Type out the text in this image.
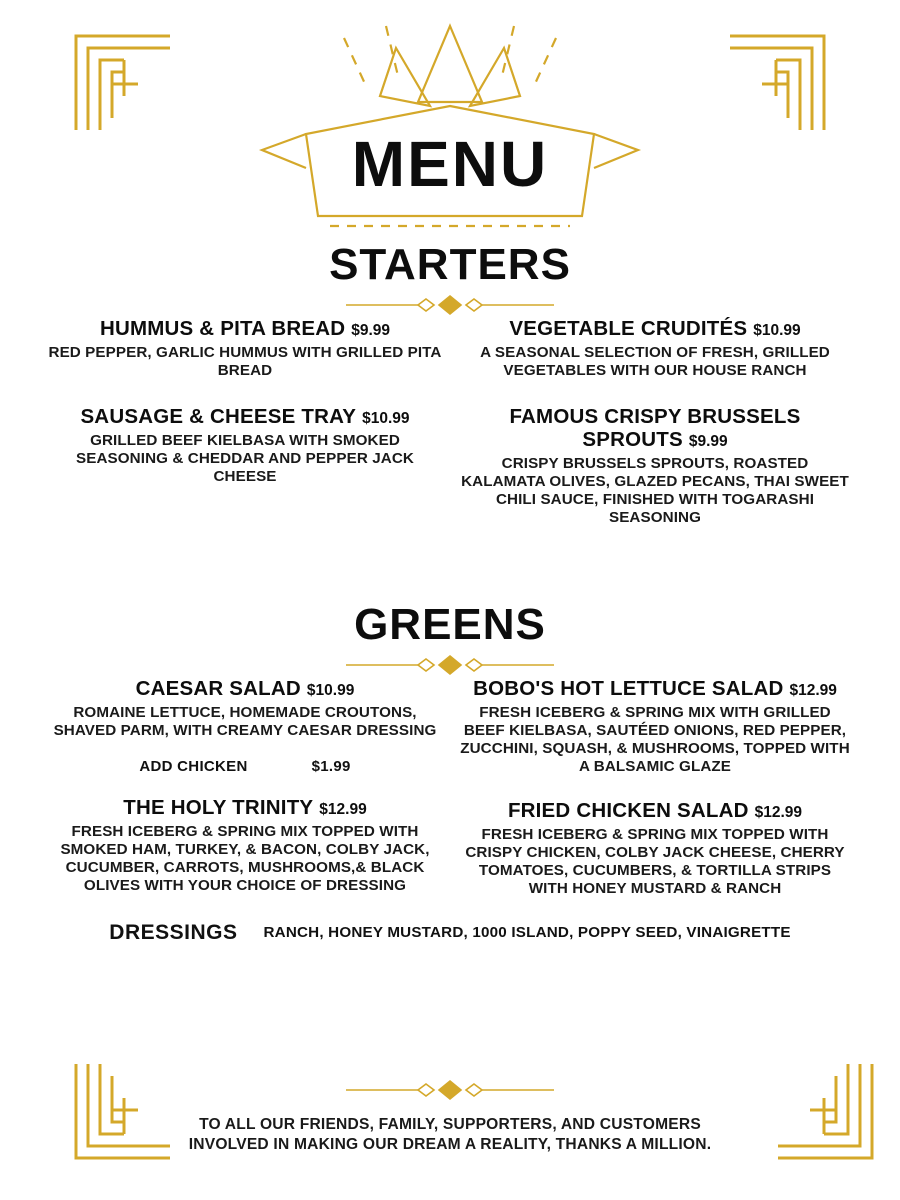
MENU
STARTERS
HUMMUS & PITA BREAD $9.99
RED PEPPER, GARLIC HUMMUS WITH GRILLED PITA BREAD
SAUSAGE & CHEESE TRAY $10.99
GRILLED BEEF KIELBASA WITH SMOKED SEASONING & CHEDDAR AND PEPPER JACK CHEESE
VEGETABLE CRUDITÉS $10.99
A SEASONAL SELECTION OF FRESH, GRILLED VEGETABLES WITH OUR HOUSE RANCH
FAMOUS CRISPY BRUSSELS SPROUTS $9.99
CRISPY BRUSSELS SPROUTS, ROASTED KALAMATA OLIVES, GLAZED PECANS, THAI SWEET CHILI SAUCE, FINISHED WITH TOGARASHI SEASONING
GREENS
CAESAR SALAD $10.99
ROMAINE LETTUCE, HOMEMADE CROUTONS, SHAVED PARM, WITH CREAMY CAESAR DRESSING
ADD CHICKEN	$1.99
THE HOLY TRINITY $12.99
FRESH ICEBERG & SPRING MIX TOPPED WITH SMOKED HAM, TURKEY, & BACON, COLBY JACK, CUCUMBER, CARROTS, MUSHROOMS,& BLACK OLIVES WITH YOUR CHOICE OF DRESSING
BOBO'S HOT LETTUCE SALAD $12.99
FRESH ICEBERG & SPRING MIX WITH GRILLED BEEF KIELBASA, SAUTÉED ONIONS, RED PEPPER, ZUCCHINI, SQUASH, & MUSHROOMS, TOPPED WITH A BALSAMIC GLAZE
FRIED CHICKEN SALAD $12.99
FRESH ICEBERG & SPRING MIX TOPPED WITH CRISPY CHICKEN, COLBY JACK CHEESE, CHERRY TOMATOES, CUCUMBERS, & TORTILLA STRIPS WITH HONEY MUSTARD & RANCH
DRESSINGS RANCH, HONEY MUSTARD, 1000 ISLAND, POPPY SEED, VINAIGRETTE
TO ALL OUR FRIENDS, FAMILY, SUPPORTERS, AND CUSTOMERS
INVOLVED IN MAKING OUR DREAM A REALITY, THANKS A MILLION.
